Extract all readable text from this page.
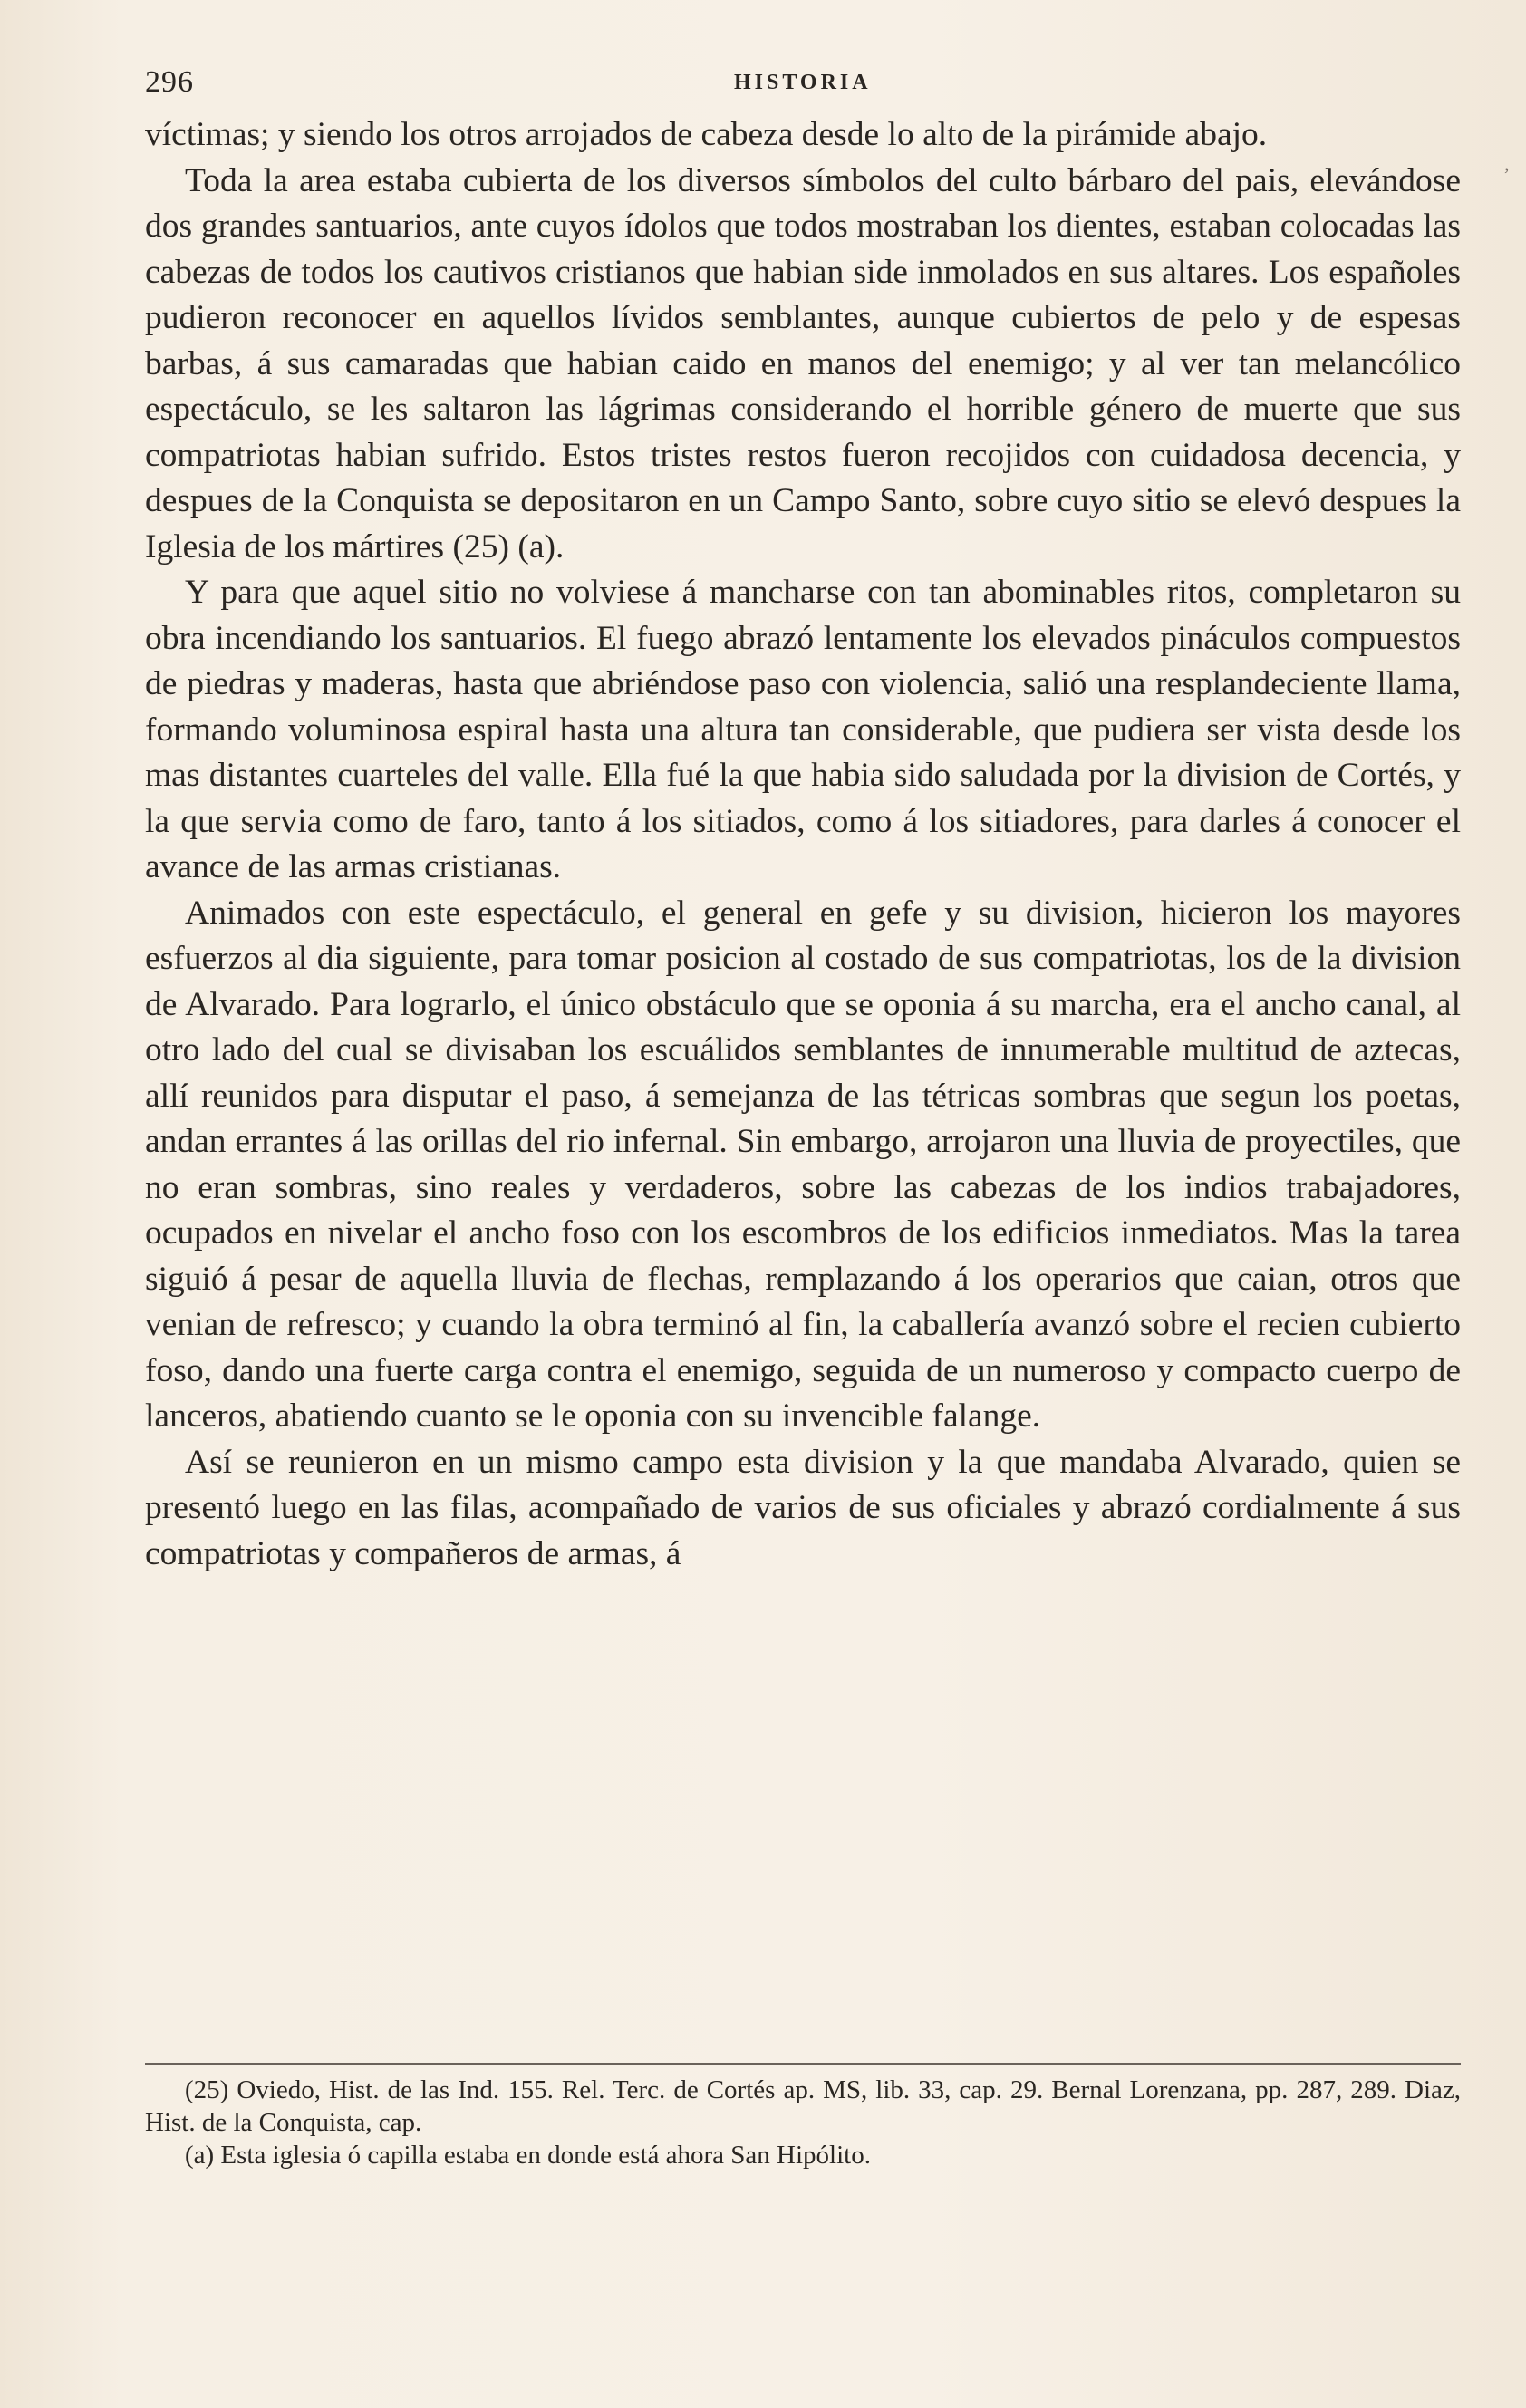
296	HISTORIA

víctimas; y siendo los otros arrojados de cabeza desde lo alto de la pirámide abajo.

Toda la area estaba cubierta de los diversos símbolos del culto bárbaro del pais, elevándose dos grandes santuarios, ante cuyos ídolos que todos mostraban los dientes, estaban colocadas las cabezas de todos los cautivos cristianos que habian side inmolados en sus altares. Los españoles pudieron reconocer en aquellos lívidos semblantes, aunque cubiertos de pelo y de espesas barbas, á sus camaradas que habian caido en manos del enemigo; y al ver tan melancólico espectáculo, se les saltaron las lágrimas considerando el horrible género de muerte que sus compatriotas habian sufrido. Estos tristes restos fueron recojidos con cuidadosa decencia, y despues de la Conquista se depositaron en un Campo Santo, sobre cuyo sitio se elevó despues la Iglesia de los mártires (25) (a).

Y para que aquel sitio no volviese á mancharse con tan abominables ritos, completaron su obra incendiando los santuarios. El fuego abrazó lentamente los elevados pináculos compuestos de piedras y maderas, hasta que abriéndose paso con violencia, salió una resplandeciente llama, formando voluminosa espiral hasta una altura tan considerable, que pudiera ser vista desde los mas distantes cuarteles del valle. Ella fué la que habia sido saludada por la division de Cortés, y la que servia como de faro, tanto á los sitiados, como á los sitiadores, para darles á conocer el avance de las armas cristianas.

Animados con este espectáculo, el general en gefe y su division, hicieron los mayores esfuerzos al dia siguiente, para tomar posicion al costado de sus compatriotas, los de la division de Alvarado. Para lograrlo, el único obstáculo que se oponia á su marcha, era el ancho canal, al otro lado del cual se divisaban los escuálidos semblantes de innumerable multitud de aztecas, allí reunidos para disputar el paso, á semejanza de las tétricas sombras que segun los poetas, andan errantes á las orillas del rio infernal. Sin embargo, arrojaron una lluvia de proyectiles, que no eran sombras, sino reales y verdaderos, sobre las cabezas de los indios trabajadores, ocupados en nivelar el ancho foso con los escombros de los edificios inmediatos. Mas la tarea siguió á pesar de aquella lluvia de flechas, remplazando á los operarios que caian, otros que venian de refresco; y cuando la obra terminó al fin, la caballería avanzó sobre el recien cubierto foso, dando una fuerte carga contra el enemigo, seguida de un numeroso y compacto cuerpo de lanceros, abatiendo cuanto se le oponia con su invencible falange.

Así se reunieron en un mismo campo esta division y la que mandaba Alvarado, quien se presentó luego en las filas, acompañado de varios de sus oficiales y abrazó cordialmente á sus compatriotas y compañeros de armas, á

(25) Oviedo, Hist. de las Ind. 155. Rel. Terc. de Cortés ap. MS, lib. 33, cap. 29. Bernal Lorenzana, pp. 287, 289. Diaz, Hist. de la Conquista, cap.

(a) Esta iglesia ó capilla estaba en donde está ahora San Hipólito.

,
